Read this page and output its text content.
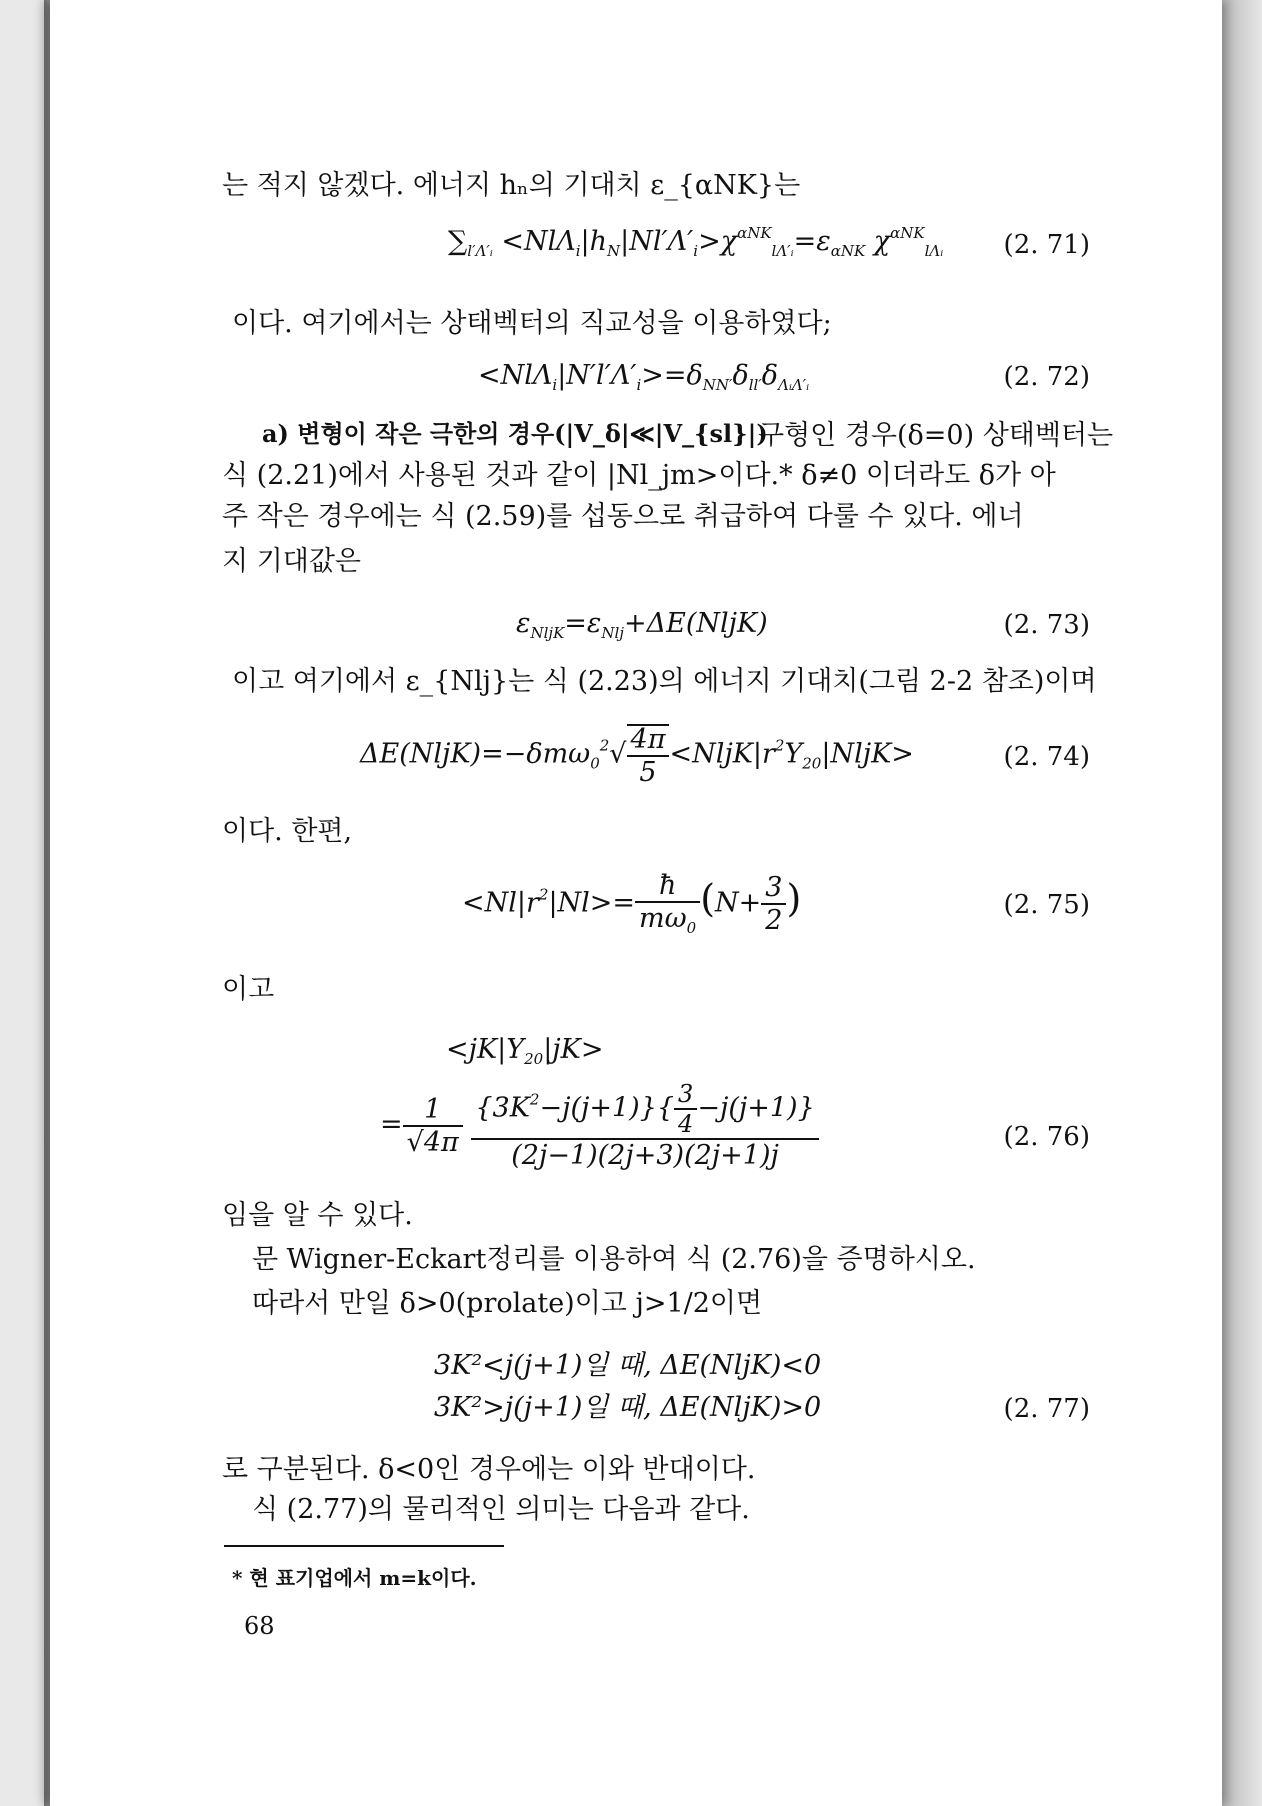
는 적지 않겠다. 에너지 hₙ의 기대치 ε_{αNK}는
$\sum_{l'\Lambda'ᵢ} <Nl\Lambda_i|h_N|Nl'\Lambda'_i>\chi^{\alpha NK}_{l\Lambda'ᵢ}=\varepsilon_{\alpha NK}$ $\chi^{\alpha NK}_{l\Lambda ᵢ}$ (2. 71)
이다. 여기에서는 상태벡터의 직교성을 이용하였다;
$<Nl\Lambda_i|N'l'\Lambda'_i>=\delta_{NN'}\delta_{ll'}\delta_{\Lambda ᵢ\Lambda'ᵢ}$	(2. 72)
a) 변형이 작은 극한의 경우(|V_δ|≪|V_{sl}|)
구형인 경우(δ=0) 상태벡터는
식 (2.21)에서 사용된 것과 같이 |Nl_jm>이다.* δ≠0 이더라도 δ가 아
주 작은 경우에는 식 (2.59)를 섭동으로 취급하여 다룰 수 있다. 에너
지 기대값은
$\varepsilon_{NljK}=\varepsilon_{Nlj}+\Delta E(NljK)$	(2. 73)
이고 여기에서 ε_{Nlj}는 식 (2.23)의 에너지 기대치(그림 2-2 참조)이며
ΔE(NljK)=−δmω$_0^2$√ $\frac{4\pi}{5}$ $<NljK|r^2Y_{20}|NljK>$	(2. 74)
이다. 한편,
$<Nl|r^2|Nl>= \frac{ħ}{m\omega_0} (N+ \frac{3}{2}$ )	(2. 75)
이고
$<jK|Y_{20}|jK>$
= $\frac{1}{√4\pi}$
$\frac{\{3K^2-j(j+1)\}\{ \frac{3}{4} -j(j+1)\}}{(2j-1)(2j+3)(2j+1)j}$	(2. 76)
임을 알 수 있다.
문 Wigner-Eckart정리를 이용하여 식 (2.76)을 증명하시오.
따라서 만일 δ>0(prolate)이고 j>1/2이면
3K²<j(j+1)일 때, ΔE(NljK)<0
3K²>j(j+1)일 때, ΔE(NljK)>0	(2. 77)
로 구분된다. δ<0인 경우에는 이와 반대이다.
식 (2.77)의 물리적인 의미는 다음과 같다.
* 현 표기업에서 m=k이다.
68
